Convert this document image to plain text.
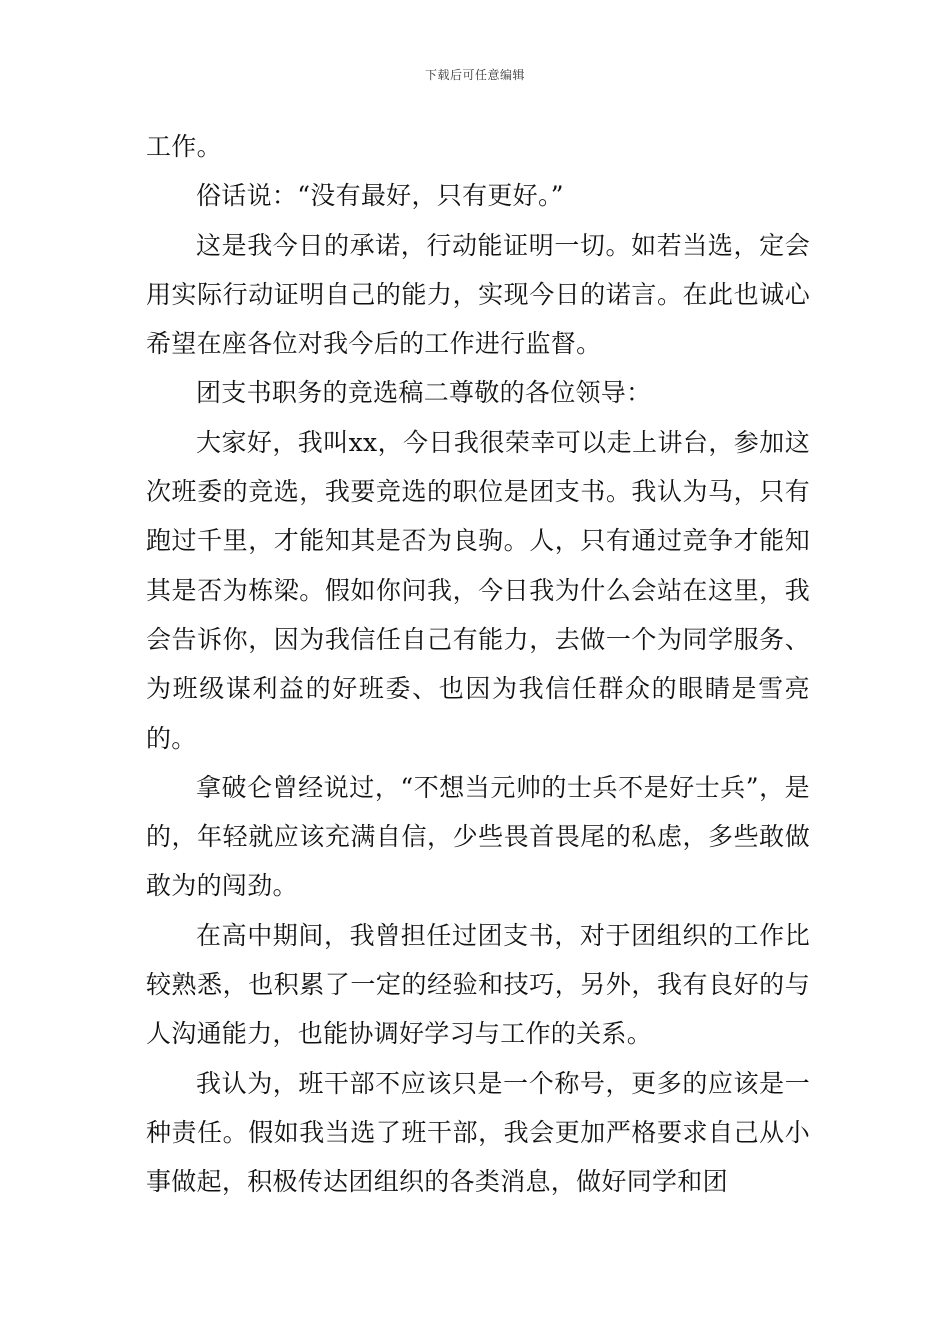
下载后可任意编辑

工作。

俗话说：“没有最好，只有更好。”

这是我今日的承诺，行动能证明一切。如若当选，定会用实际行动证明自己的能力，实现今日的诺言。在此也诚心希望在座各位对我今后的工作进行监督。

团支书职务的竞选稿二尊敬的各位领导：

大家好，我叫xx，今日我很荣幸可以走上讲台，参加这次班委的竞选，我要竞选的职位是团支书。我认为马，只有跑过千里，才能知其是否为良驹。人，只有通过竞争才能知其是否为栋梁。假如你问我，今日我为什么会站在这里，我会告诉你，因为我信任自己有能力，去做一个为同学服务、为班级谋利益的好班委、也因为我信任群众的眼睛是雪亮的。

拿破仑曾经说过，“不想当元帅的士兵不是好士兵”，是的，年轻就应该充满自信，少些畏首畏尾的私虑，多些敢做敢为的闯劲。

在高中期间，我曾担任过团支书，对于团组织的工作比较熟悉，也积累了一定的经验和技巧，另外，我有良好的与人沟通能力，也能协调好学习与工作的关系。

我认为，班干部不应该只是一个称号，更多的应该是一种责任。假如我当选了班干部，我会更加严格要求自己从小事做起，积极传达团组织的各类消息，做好同学和团
